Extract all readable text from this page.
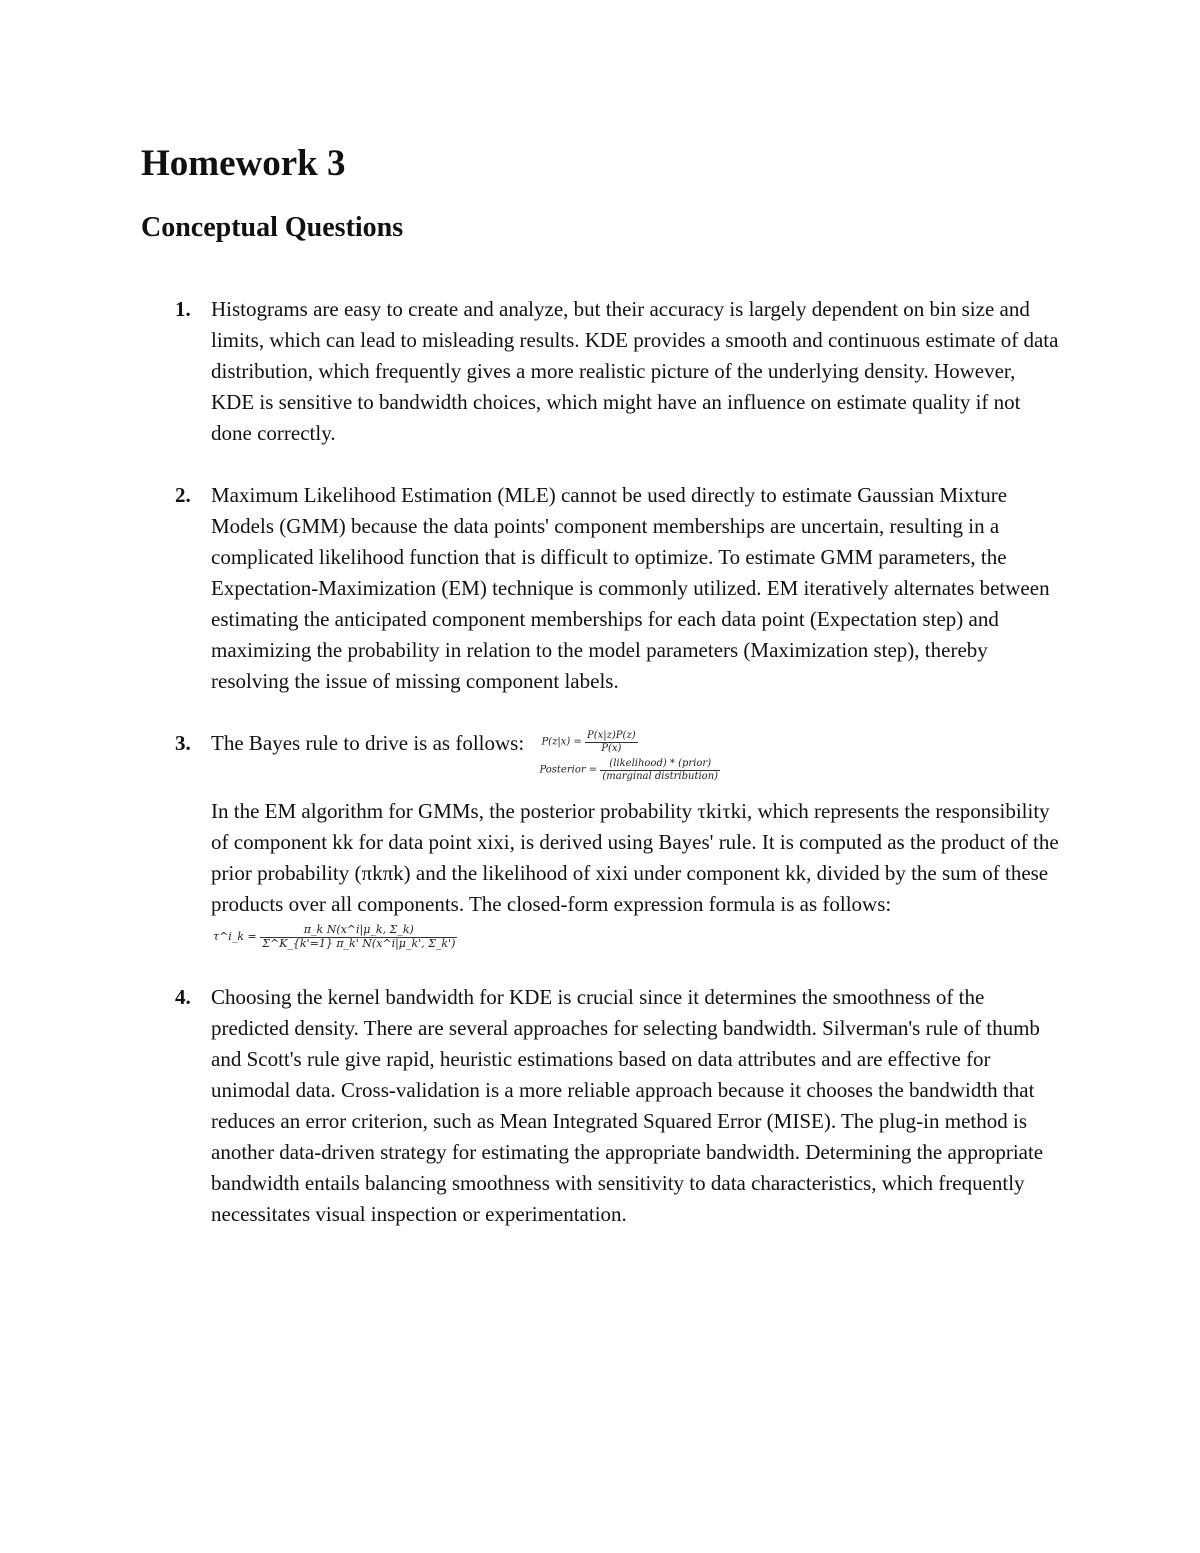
Homework 3
Conceptual Questions
1. Histograms are easy to create and analyze, but their accuracy is largely dependent on bin size and limits, which can lead to misleading results. KDE provides a smooth and continuous estimate of data distribution, which frequently gives a more realistic picture of the underlying density. However, KDE is sensitive to bandwidth choices, which might have an influence on estimate quality if not done correctly.

2. Maximum Likelihood Estimation (MLE) cannot be used directly to estimate Gaussian Mixture Models (GMM) because the data points' component memberships are uncertain, resulting in a complicated likelihood function that is difficult to optimize. To estimate GMM parameters, the Expectation-Maximization (EM) technique is commonly utilized. EM iteratively alternates between estimating the anticipated component memberships for each data point (Expectation step) and maximizing the probability in relation to the model parameters (Maximization step), thereby resolving the issue of missing component labels.

3. The Bayes rule to drive is as follows: $P(z|x) = \frac{P(x|z)P(z)}{P(x)}$
Posterior = $\frac{\text{(likelihood) * (prior)}}{\text{(marginal distribution)}}$

In the EM algorithm for GMMs, the posterior probability τkiτki, which represents the responsibility of component kk for data point xixi, is derived using Bayes' rule. It is computed as the product of the prior probability (πkπk) and the likelihood of xixi under component kk, divided by the sum of these products over all components. The closed-form expression formula is as follows:τ^i_k = $\frac{\text{π\_k N(x\textasciicircum{}i|μ\_k, Σ\_k)}}{\Sigma\^{}K\_\{k'=1\} \pi\_k' N(x\^{}i|\mu\_k', \Sigma\_k')}$

4. Choosing the kernel bandwidth for KDE is crucial since it determines the smoothness of the predicted density. There are several approaches for selecting bandwidth. Silverman's rule of thumb and Scott's rule give rapid, heuristic estimations based on data attributes and are effective for unimodal data. Cross-validation is a more reliable approach because it chooses the bandwidth that reduces an error criterion, such as Mean Integrated Squared Error (MISE). The plug-in method is another data-driven strategy for estimating the appropriate bandwidth. Determining the appropriate bandwidth entails balancing smoothness with sensitivity to data characteristics, which frequently necessitates visual inspection or experimentation.
